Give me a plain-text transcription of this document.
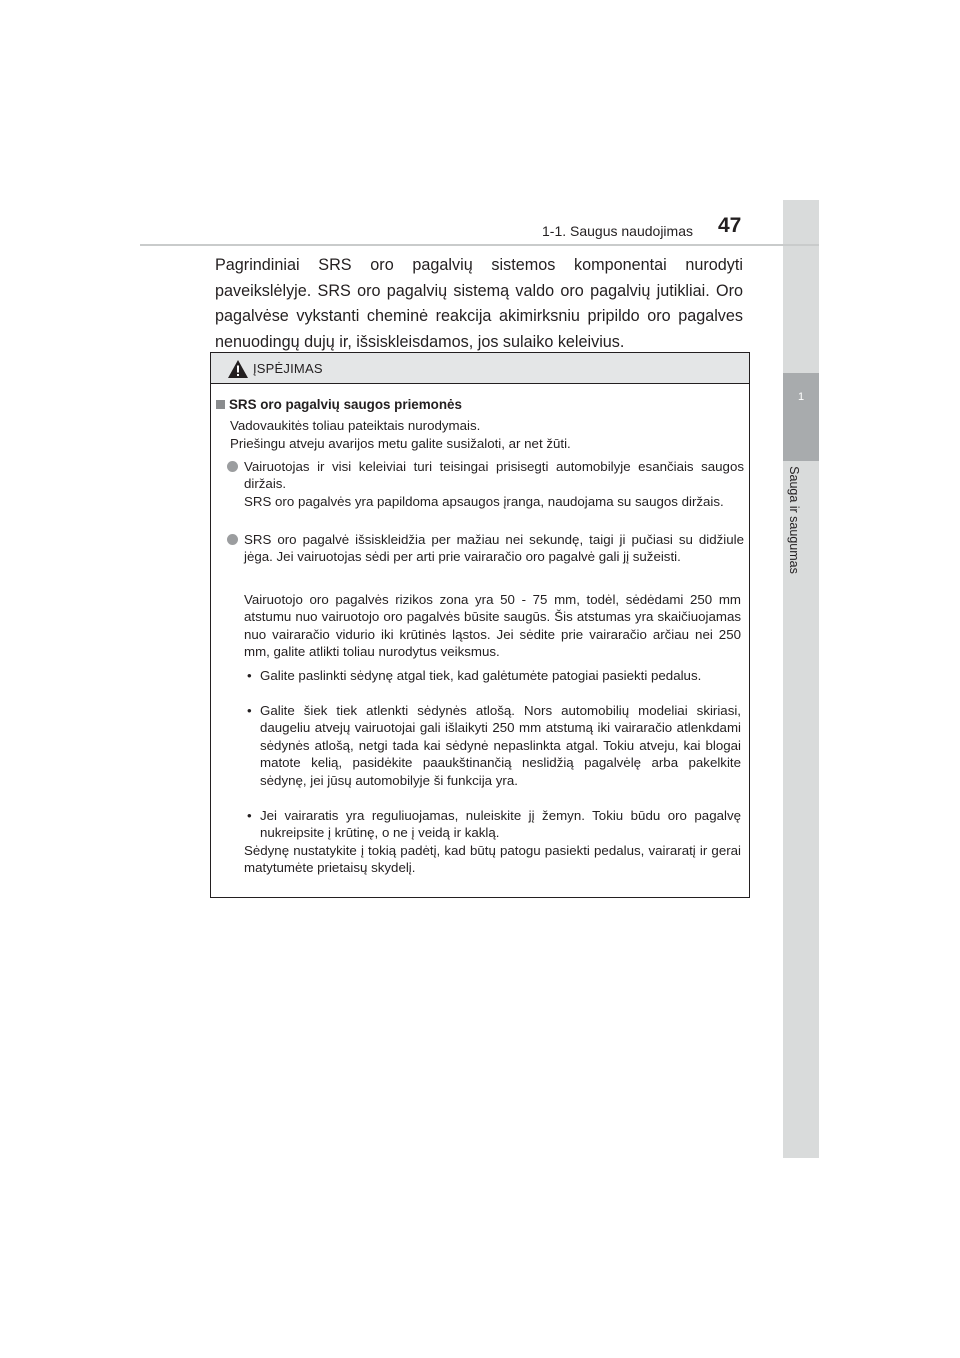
1
Sauga ir saugumas
1-1. Saugus naudojimas 47

Pagrindiniai SRS oro pagalvių sistemos komponentai nurodyti paveikslėlyje. SRS oro pagalvių sistemą valdo oro pagalvių jutikliai. Oro pagalvėse vykstanti cheminė reakcija akimirksniu pripildo oro pagalves nenuodingų dujų ir, išsiskleisdamos, jos sulaiko keleivius.

ĮSPĖJIMAS
SRS oro pagalvių saugos priemonės

Vadovaukitės toliau pateiktais nurodymais.

Priešingu atveju avarijos metu galite susižaloti, ar net žūti.

Vairuotojas ir visi keleiviai turi teisingai prisisegti automobilyje esančiais saugos diržais.

SRS oro pagalvės yra papildoma apsaugos įranga, naudojama su saugos diržais.

SRS oro pagalvė išsiskleidžia per mažiau nei sekundę, taigi ji pučiasi su didžiule jėga. Jei vairuotojas sėdi per arti prie vairaračio oro pagalvė gali jį sužeisti.

Vairuotojo oro pagalvės rizikos zona yra 50 - 75 mm, todėl, sėdėdami 250 mm atstumu nuo vairuotojo oro pagalvės būsite saugūs. Šis atstumas yra skaičiuojamas nuo vairaračio vidurio iki krūtinės ląstos. Jei sėdite prie vairaračio arčiau nei 250 mm, galite atlikti toliau nurodytus veiksmus.

• Galite paslinkti sėdynę atgal tiek, kad galėtumėte patogiai pasiekti pedalus.

• Galite šiek tiek atlenkti sėdynės atlošą. Nors automobilių modeliai skiriasi, daugeliu atvejų vairuotojai gali išlaikyti 250 mm atstumą iki vairaračio atlenkdami sėdynės atlošą, netgi tada kai sėdynė nepaslinkta atgal. Tokiu atveju, kai blogai matote kelią, pasidėkite paaukštinančią neslidžią pagalvėlę arba pakelkite sėdynę, jei jūsų automobilyje ši funkcija yra.

• Jei vairaratis yra reguliuojamas, nuleiskite jį žemyn. Tokiu būdu oro pagalvę nukreipsite į krūtinę, o ne į veidą ir kaklą.

Sėdynę nustatykite į tokią padėtį, kad būtų patogu pasiekti pedalus, vairaratį ir gerai matytumėte prietaisų skydelį.
